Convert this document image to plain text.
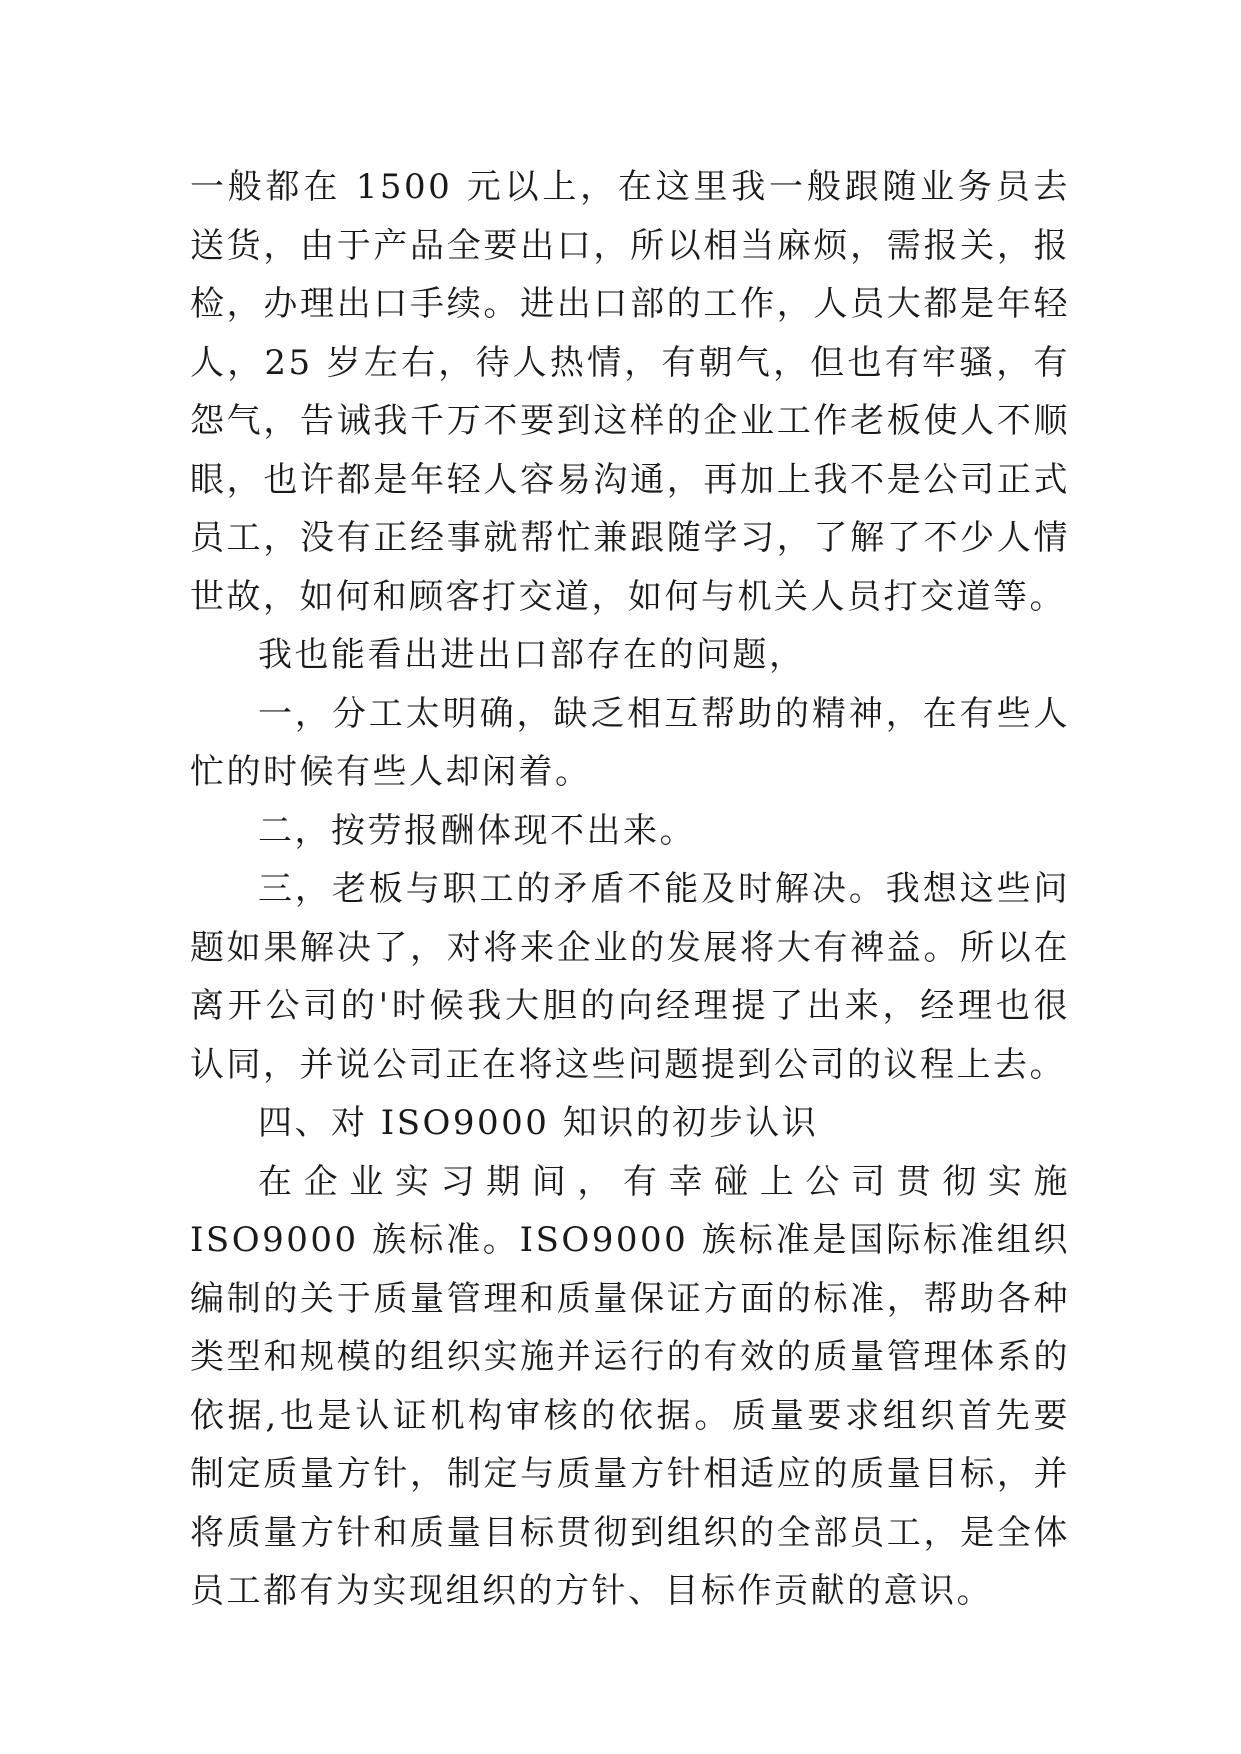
一般都在 1500 元以上，在这里我一般跟随业务员去送货，由于产品全要出口，所以相当麻烦，需报关，报检，办理出口手续。进出口部的工作，人员大都是年轻人，25 岁左右，待人热情，有朝气，但也有牢骚，有怨气，告诫我千万不要到这样的企业工作老板使人不顺眼，也许都是年轻人容易沟通，再加上我不是公司正式员工，没有正经事就帮忙兼跟随学习，了解了不少人情世故，如何和顾客打交道，如何与机关人员打交道等。

我也能看出进出口部存在的问题，

一，分工太明确，缺乏相互帮助的精神，在有些人忙的时候有些人却闲着。

二，按劳报酬体现不出来。

三，老板与职工的矛盾不能及时解决。我想这些问题如果解决了，对将来企业的发展将大有裨益。所以在离开公司的'时候我大胆的向经理提了出来，经理也很认同，并说公司正在将这些问题提到公司的议程上去。

四、对 ISO9000 知识的初步认识

在企业实习期间，有幸碰上公司贯彻实施 ISO9000 族标准。ISO9000 族标准是国际标准组织编制的关于质量管理和质量保证方面的标准，帮助各种类型和规模的组织实施并运行的有效的质量管理体系的依据,也是认证机构审核的依据。质量要求组织首先要制定质量方针，制定与质量方针相适应的质量目标，并将质量方针和质量目标贯彻到组织的全部员工，是全体员工都有为实现组织的方针、目标作贡献的意识。
